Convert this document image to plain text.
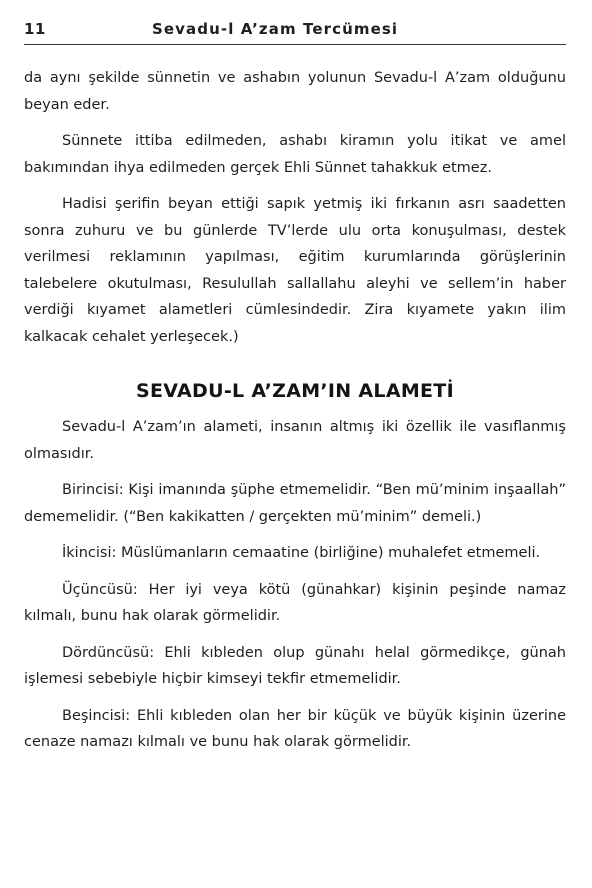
11	Sevadu-l A’zam Tercümesi

da aynı şekilde sünnetin ve ashabın yolunun Sevadu-l A’zam olduğunu beyan eder.

Sünnete ittiba edilmeden, ashabı kiramın yolu itikat ve amel bakımından ihya edilmeden gerçek Ehli Sünnet tahakkuk etmez.

Hadisi şerifin beyan ettiği sapık yetmiş iki fırkanın asrı saadetten sonra zuhuru ve bu günlerde TV’lerde ulu orta konuşulması, destek verilmesi reklamının yapılması, eğitim kurumlarında görüşlerinin talebelere okutulması, Resulullah sallallahu aleyhi ve sellem’in haber verdiği kıyamet alametleri cümlesindedir. Zira kıyamete yakın ilim kalkacak cehalet yerleşecek.)

SEVADU-L A’ZAM’IN ALAMETİ

Sevadu-l A’zam’ın alameti, insanın altmış iki özellik ile vasıflanmış olmasıdır.

Birincisi: Kişi imanında şüphe etmemelidir. “Ben mü’minim inşaallah” dememelidir. (“Ben kakikatten / gerçekten mü’minim” demeli.)

İkincisi: Müslümanların cemaatine (birliğine) muhalefet etmemeli.

Üçüncüsü: Her iyi veya kötü (günahkar) kişinin peşinde namaz kılmalı, bunu hak olarak görmelidir.

Dördüncüsü: Ehli kıbleden olup günahı helal görmedikçe, günah işlemesi sebebiyle hiçbir kimseyi tekfir etmemelidir.

Beşincisi: Ehli kıbleden olan her bir küçük ve büyük kişinin üzerine cenaze namazı kılmalı ve bunu hak olarak görmelidir.
